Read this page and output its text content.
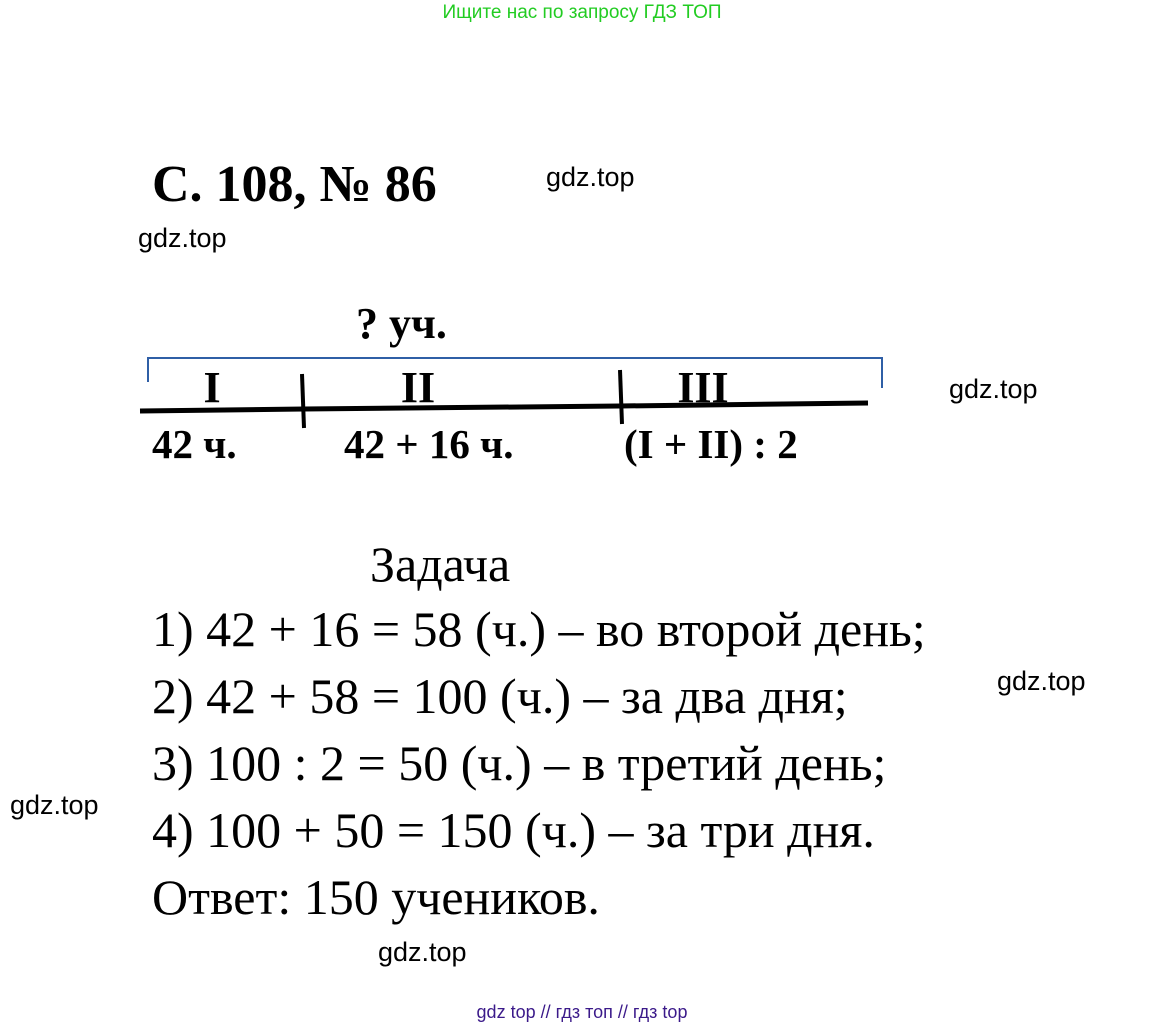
Ищите нас по запросу ГДЗ ТОП
С. 108, № 86	gdz.top
gdz.top
gdz.top
gdz.top
gdz.top
gdz.top
? уч.
I	II	III
42 ч.	42 + 16 ч.	(I + II) : 2
Задача
1) 42 + 16 = 58 (ч.) – во второй день;
2) 42 + 58 = 100 (ч.) – за два дня;
3) 100 : 2 = 50 (ч.) – в третий день;
4) 100 + 50 = 150 (ч.) – за три дня.
Ответ: 150 учеников.
gdz top // гдз топ // гдз top
